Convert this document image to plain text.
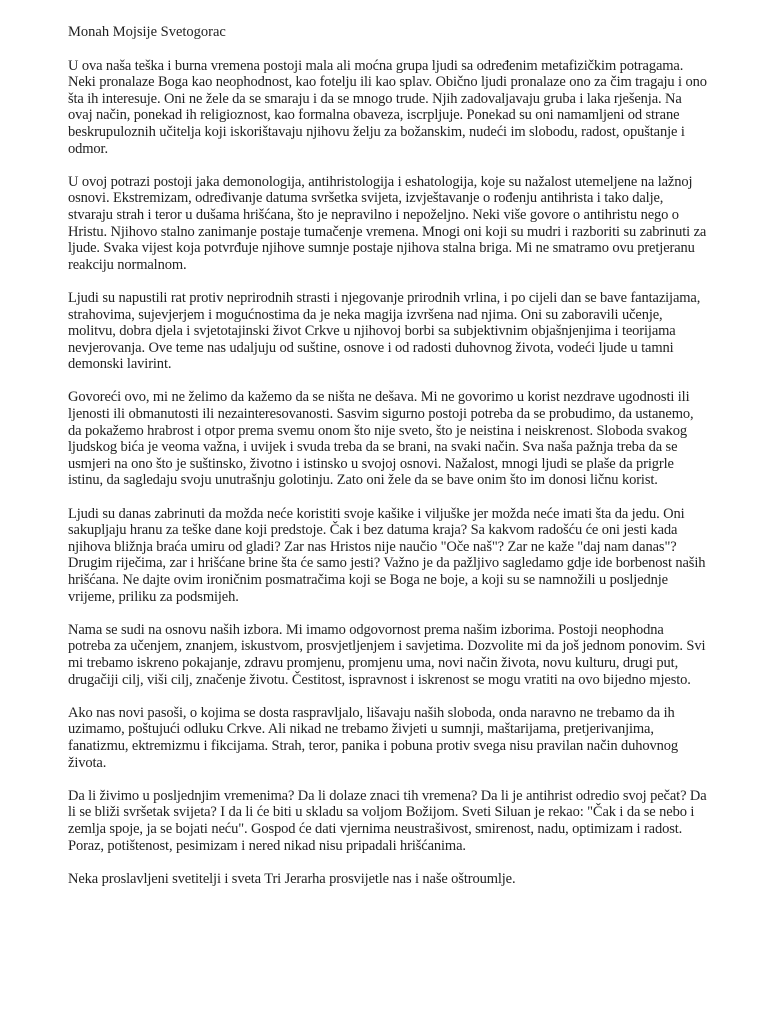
Monah Mojsije Svetogorac

U ova naša teška i burna vremena postoji mala ali moćna grupa ljudi sa određenim metafizičkim potragama. Neki pronalaze Boga kao neophodnost, kao fotelju ili kao splav. Obično ljudi pronalaze ono za čim tragaju i ono šta ih interesuje. Oni ne žele da se smaraju i da se mnogo trude. Njih zadovaljavaju gruba i laka rješenja. Na ovaj način, ponekad ih religioznost, kao formalna obaveza, iscrpljuje. Ponekad su oni namamljeni od strane beskrupuloznih učitelja koji iskorištavaju njihovu želju za božanskim, nudeći im slobodu, radost, opuštanje i odmor.

U ovoj potrazi postoji jaka demonologija, antihristologija i eshatologija, koje su nažalost utemeljene na lažnoj osnovi. Ekstremizam, određivanje datuma svršetka svijeta, izvještavanje o rođenju antihrista i tako dalje, stvaraju strah i teror u dušama hrišćana, što je nepravilno i nepoželjno. Neki više govore o antihristu nego o Hristu. Njihovo stalno zanimanje postaje tumačenje vremena. Mnogi oni koji su mudri i razboriti su zabrinuti za ljude. Svaka vijest koja potvrđuje njihove sumnje postaje njihova stalna briga. Mi ne smatramo ovu pretjeranu reakciju normalnom.

Ljudi su napustili rat protiv neprirodnih strasti i njegovanje prirodnih vrlina, i po cijeli dan se bave fantazijama, strahovima, sujevjerjem i mogućnostima da je neka magija izvršena nad njima. Oni su zaboravili učenje, molitvu, dobra djela i svjetotajinski život Crkve u njihovoj borbi sa subjektivnim objašnjenjima i teorijama nevjerovanja. Ove teme nas udaljuju od suštine, osnove i od radosti duhovnog života, vodeći ljude u tamni demonski lavirint.

Govoreći ovo, mi ne želimo da kažemo da se ništa ne dešava. Mi ne govorimo u korist nezdrave ugodnosti ili ljenosti ili obmanutosti ili nezainteresovanosti. Sasvim sigurno postoji potreba da se probudimo, da ustanemo, da pokažemo hrabrost i otpor prema svemu onom što nije sveto, što je neistina i neiskrenost. Sloboda svakog ljudskog bića je veoma važna, i uvijek i svuda treba da se brani, na svaki način. Sva naša pažnja treba da se usmjeri na ono što je suštinsko, životno i istinsko u svojoj osnovi. Nažalost, mnogi ljudi se plaše da prigrle istinu, da sagledaju svoju unutrašnju golotinju. Zato oni žele da se bave onim što im donosi ličnu korist.

Ljudi su danas zabrinuti da možda neće koristiti svoje kašike i viljuške jer možda neće imati šta da jedu. Oni sakupljaju hranu za teške dane koji predstoje. Čak i bez datuma kraja? Sa kakvom radošću će oni jesti kada njihova bližnja braća umiru od gladi? Zar nas Hristos nije naučio "Oče naš"? Zar ne kaže "daj nam danas"? Drugim riječima, zar i hrišćane brine šta će samo jesti? Važno je da pažljivo sagledamo gdje ide borbenost naših hrišćana. Ne dajte ovim ironičnim posmatračima koji se Boga ne boje, a koji su se namnožili u posljednje vrijeme, priliku za podsmijeh.

Nama se sudi na osnovu naših izbora. Mi imamo odgovornost prema našim izborima. Postoji neophodna potreba za učenjem, znanjem, iskustvom, prosvjetljenjem i savjetima. Dozvolite mi da još jednom ponovim. Svi mi trebamo iskreno pokajanje, zdravu promjenu, promjenu uma, novi način života, novu kulturu, drugi put, drugačiji cilj, viši cilj, značenje životu. Čestitost, ispravnost i iskrenost se mogu vratiti na ovo bijedno mjesto.

Ako nas novi pasoši, o kojima se dosta raspravljalo, lišavaju naših sloboda, onda naravno ne trebamo da ih uzimamo, poštujući odluku Crkve. Ali nikad ne trebamo živjeti u sumnji, maštarijama, pretjerivanjima, fanatizmu, ektremizmu i fikcijama. Strah, teror, panika i pobuna protiv svega nisu pravilan način duhovnog života.

Da li živimo u posljednjim vremenima? Da li dolaze znaci tih vremena? Da li je antihrist odredio svoj pečat? Da li se bliži svršetak svijeta? I da li će biti u skladu sa voljom Božijom. Sveti Siluan je rekao: "Čak i da se nebo i zemlja spoje, ja se bojati neću". Gospod će dati vjernima neustrašivost, smirenost, nadu, optimizam i radost. Poraz, potištenost, pesimizam i nered nikad nisu pripadali hrišćanima.

Neka proslavljeni svetitelji i sveta Tri Jerarha prosvijetle nas i naše oštroumlje.
